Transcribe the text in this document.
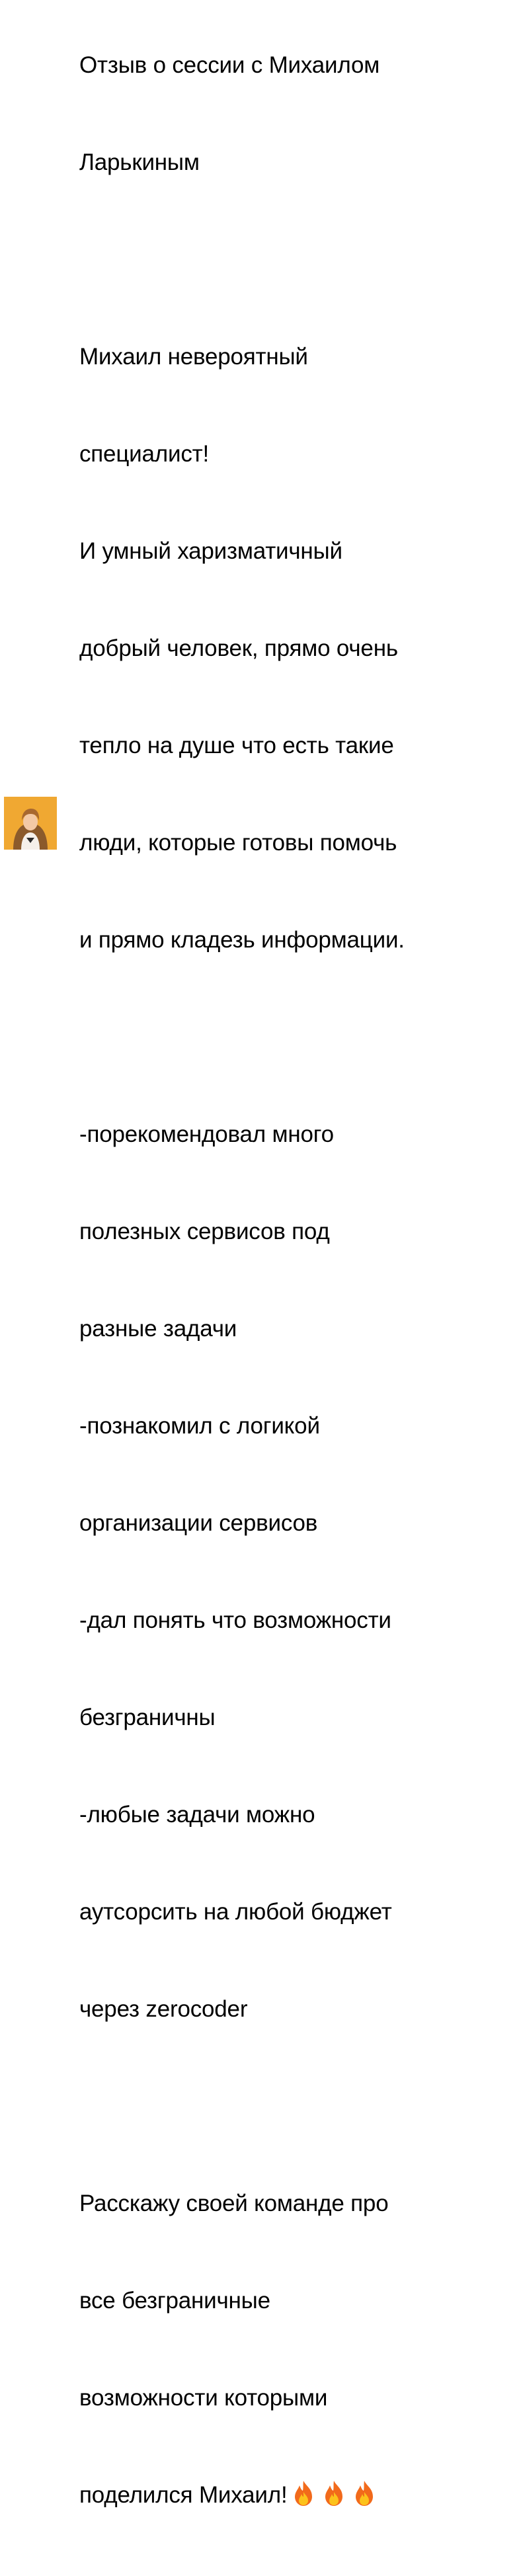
Отзыв о сессии с Михаилом

Ларькиным

Михаил невероятный

специалист!

И умный харизматичный

добрый человек, прямо очень

тепло на душе что есть такие

люди, которые готовы помочь

и прямо кладезь информации.

-порекомендовал много

полезных сервисов под

разные задачи

-познакомил с логикой

организации сервисов

-дал понять что возможности

безграничны

-любые задачи можно

аутсорсить на любой бюджет

через zerocoder

Расскажу своей команде про

все безграничные

возможности которыми

поделился Михаил!
